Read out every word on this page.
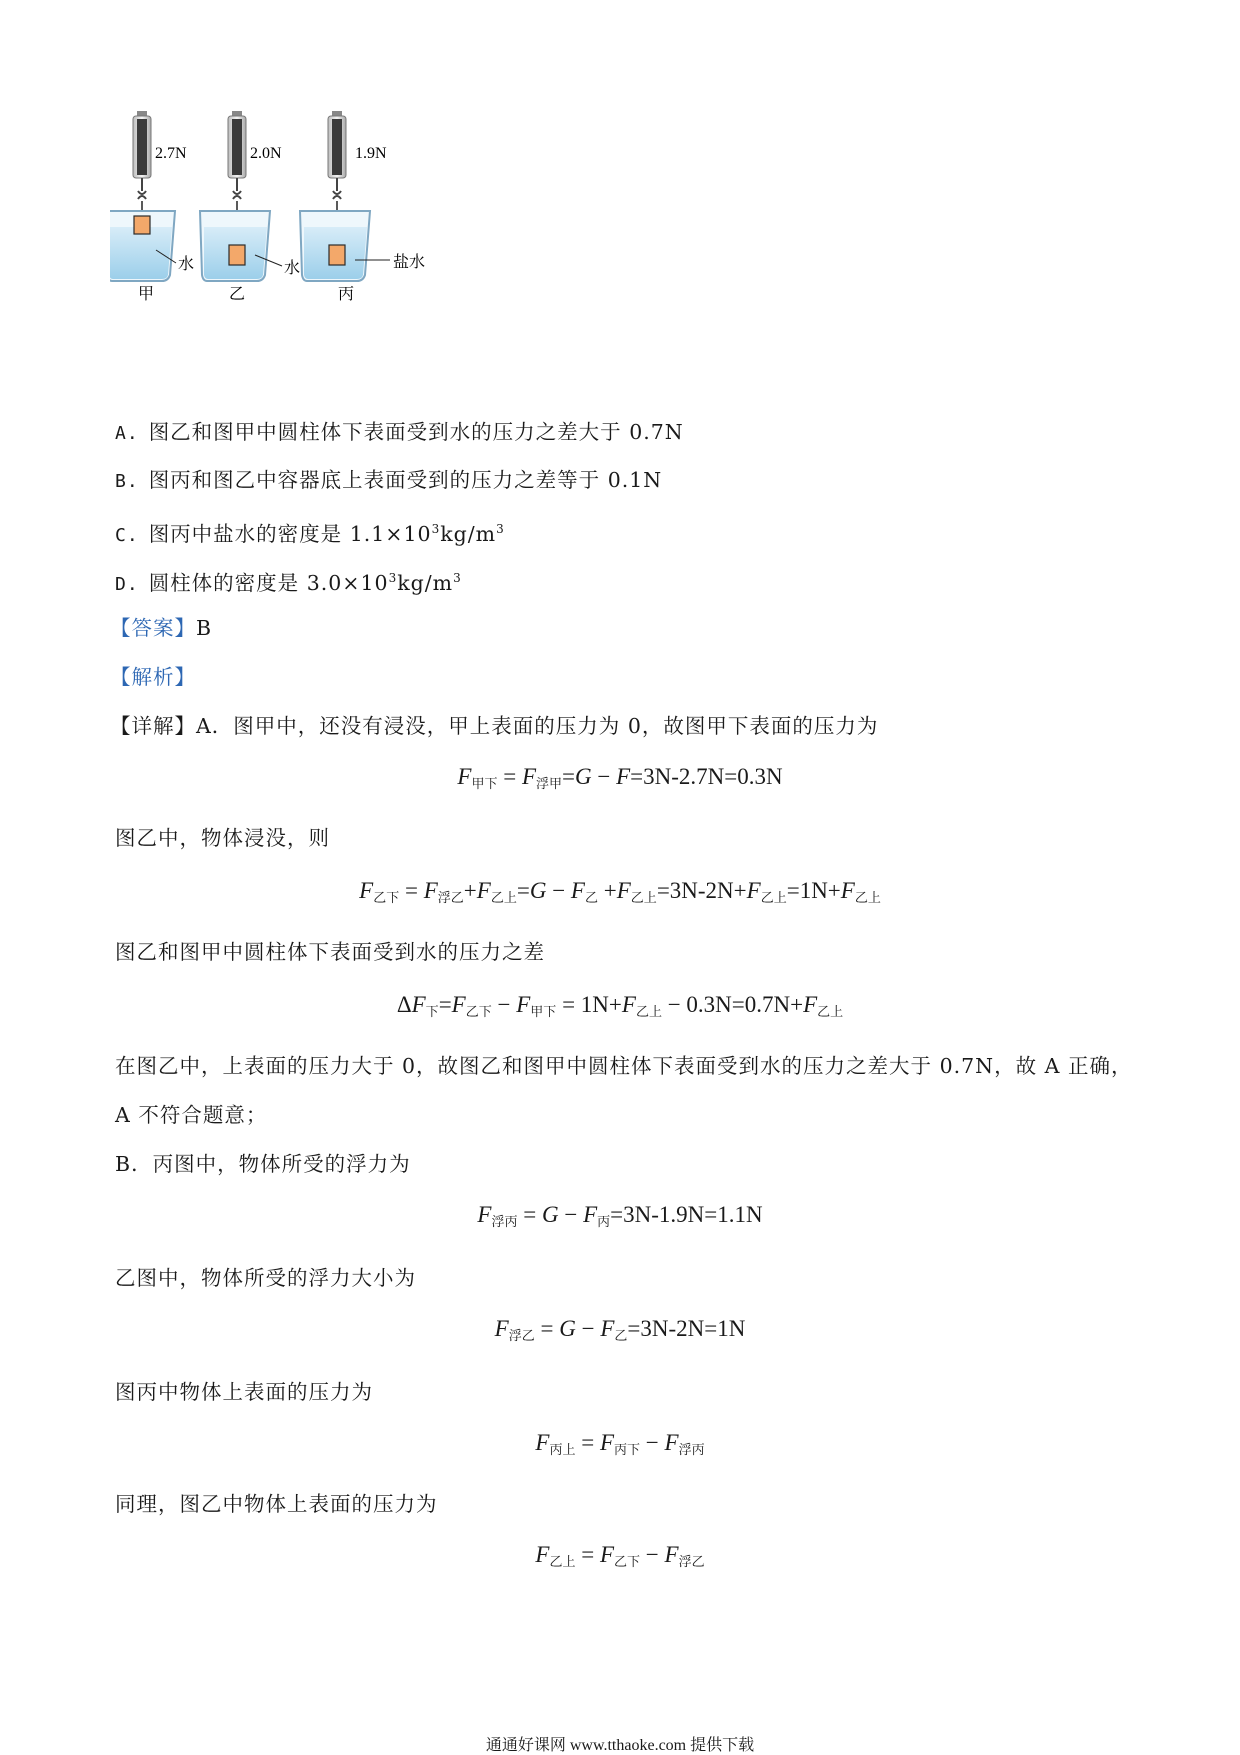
2.7N	2.0N	1.9N
水	水	盐水
甲	乙	丙
A. 图乙和图甲中圆柱体下表面受到水的压力之差大于 0.7N
B. 图丙和图乙中容器底上表面受到的压力之差等于 0.1N
C. 图丙中盐水的密度是 $1.1\times 10^3kg/m^3$
D. 圆柱体的密度是 $3.0\times 10^3kg/m^3$
【答案】B
【解析】
【详解】A．图甲中，还没有浸没，甲上表面的压力为 0，故图甲下表面的压力为
$F_{甲下} = F_{浮甲}=G - F=3N-2.7N=0.3N$
图乙中，物体浸没，则
$F_{乙下} = F_{浮乙}+F_{乙上}=G - F_乙 +F_{乙上}=3N-2N+F_{乙上}=1N+F_{乙上}$
图乙和图甲中圆柱体下表面受到水的压力之差
$\Delta F_下=F_{乙下} - F_{甲下} = 1N+F_{乙上} - 0.3N=0.7N+F_{乙上}$
在图乙中，上表面的压力大于 0，故图乙和图甲中圆柱体下表面受到水的压力之差大于 0.7N，故 A 正确，
A 不符合题意；
B．丙图中，物体所受的浮力为
$F_{浮丙} = G - F_丙=3N-1.9N=1.1N$
乙图中，物体所受的浮力大小为
$F_{浮乙} = G - F_乙=3N-2N=1N$
图丙中物体上表面的压力为
$F_{丙上} = F_{丙下} - F_{浮丙}$
同理，图乙中物体上表面的压力为
$F_{乙上} = F_{乙下} - F_{浮乙}$
通通好课网 www.tthaoke.com 提供下载
